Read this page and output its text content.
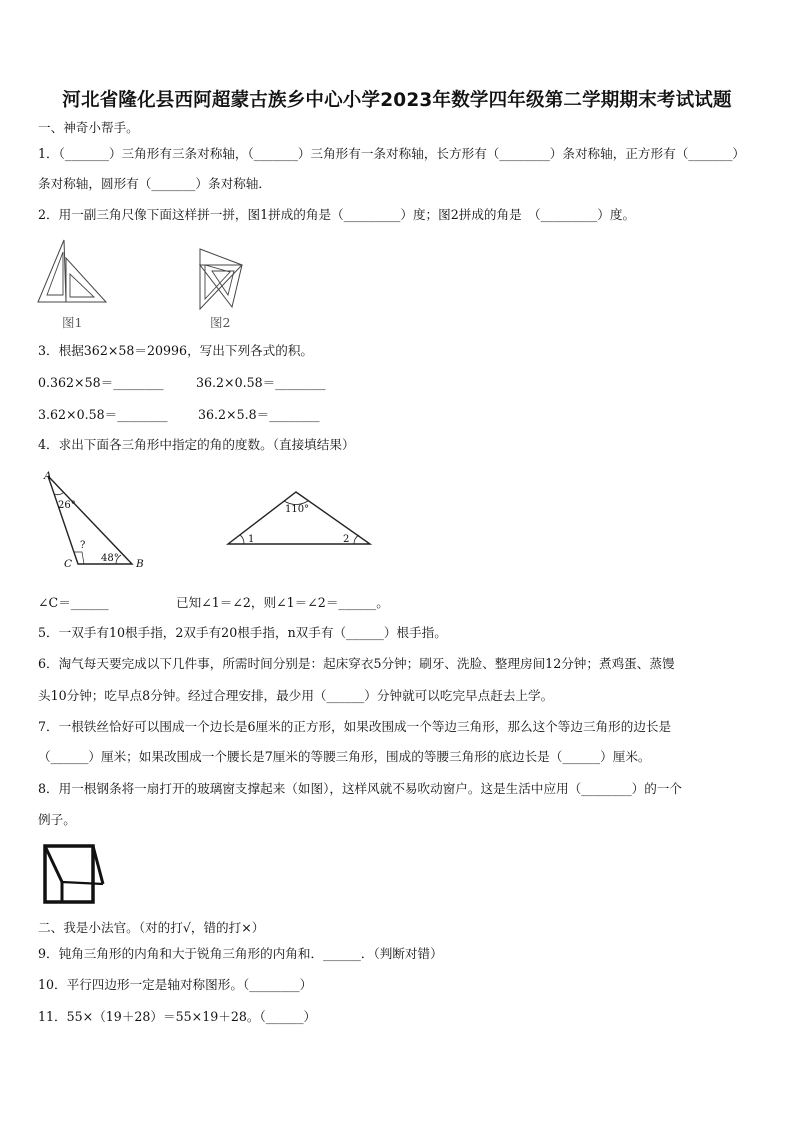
河北省隆化县西阿超蒙古族乡中心小学2023年数学四年级第二学期期末考试试题
一、神奇小帮手。
1．（_______）三角形有三条对称轴，（_______）三角形有一条对称轴，长方形有（________）条对称轴，正方形有（_______）
条对称轴，圆形有（_______）条对称轴．
2．用一副三角尺像下面这样拼一拼，图1拼成的角是（_________）度；图2拼成的角是　（_________）度。
图1	图2
3．根据362×58＝20996，写出下列各式的积。
0.362×58＝________	36.2×0.58＝________
3.62×0.58＝________ 36.2×5.8＝________
4．求出下面各三角形中指定的角的度数。（直接填结果）
A
26°
?
48°
C	B
110°
1	2
∠C＝______	已知∠1＝∠2，则∠1＝∠2＝______。
5．一双手有10根手指，2双手有20根手指，n双手有（______）根手指。
6．淘气每天要完成以下几件事，所需时间分别是：起床穿衣5分钟；刷牙、洗脸、整理房间12分钟；煮鸡蛋、蒸馒
头10分钟；吃早点8分钟。经过合理安排，最少用（______）分钟就可以吃完早点赶去上学。
7．一根铁丝恰好可以围成一个边长是6厘米的正方形，如果改围成一个等边三角形，那么这个等边三角形的边长是
（______）厘米；如果改围成一个腰长是7厘米的等腰三角形，围成的等腰三角形的底边长是（______）厘米。
8．用一根钢条将一扇打开的玻璃窗支撑起来（如图），这样风就不易吹动窗户。这是生活中应用（________）的一个
例子。
二、我是小法官。（对的打√，错的打×）
9．钝角三角形的内角和大于锐角三角形的内角和．______．（判断对错）
10．平行四边形一定是轴对称图形。（________）
11．55×（19＋28）＝55×19＋28。（______）
